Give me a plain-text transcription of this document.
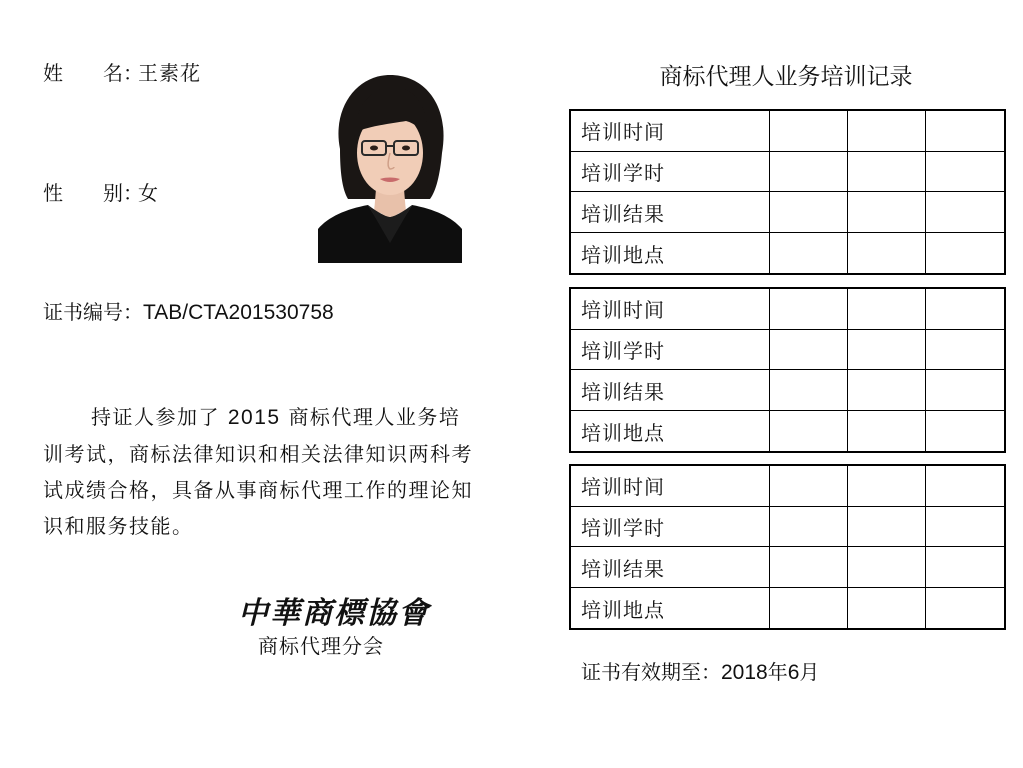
姓　　名：王素花
性　　别：女
证书编号：TAB/CTA201530758
持证人参加了 2015 商标代理人业务培训考试，商标法律知识和相关法律知识两科考试成绩合格，具备从事商标代理工作的理论知识和服务技能。
中華商標協會
商标代理分会
商标代理人业务培训记录
培训时间			
培训学时			
培训结果			
培训地点			
培训时间			
培训学时			
培训结果			
培训地点			
培训时间			
培训学时			
培训结果			
培训地点			
证书有效期至：2018年6月
